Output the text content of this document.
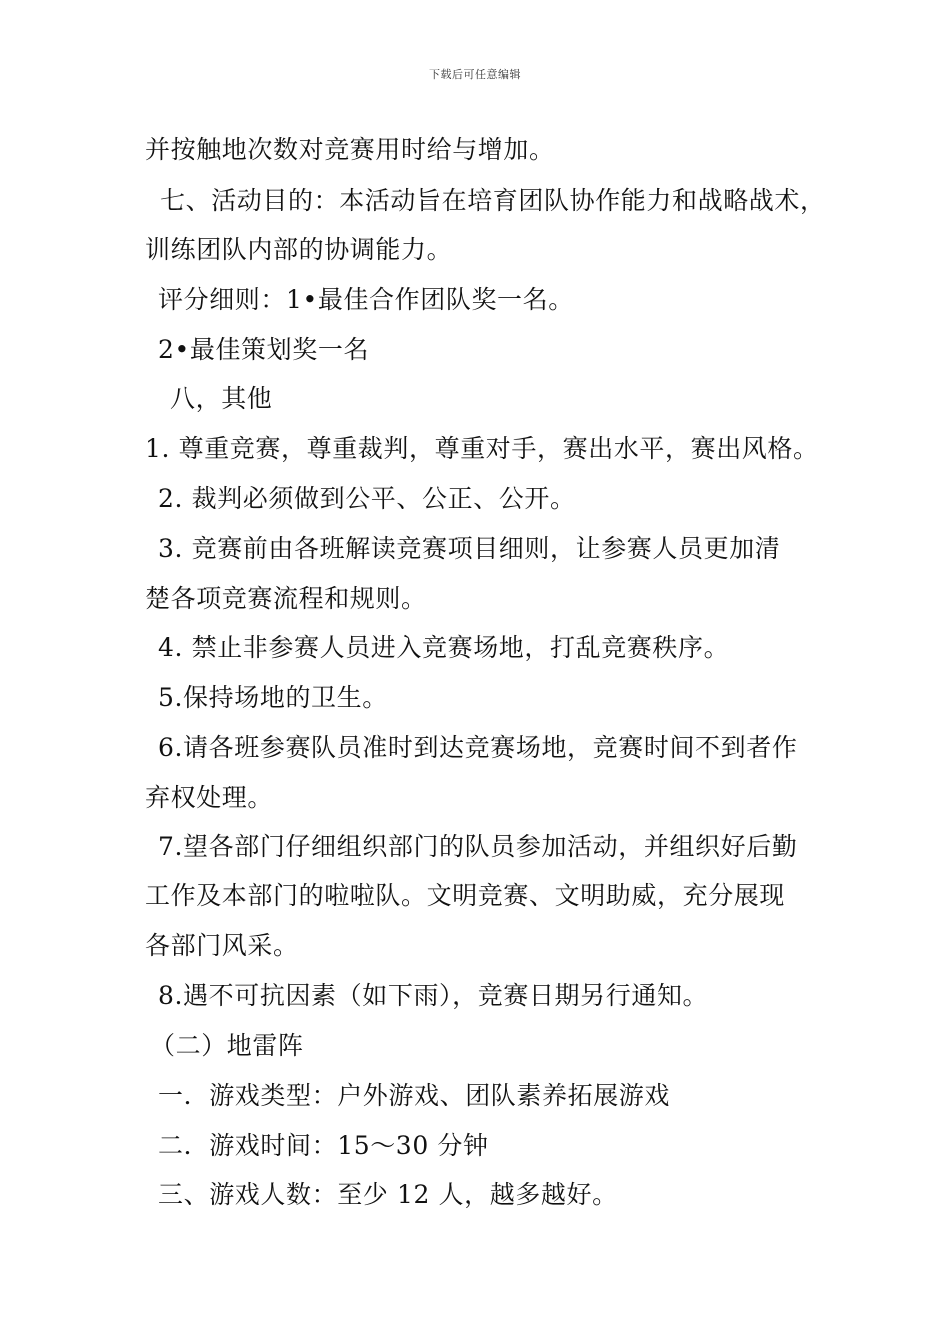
下载后可任意编辑
并按触地次数对竞赛用时给与增加。
七、活动目的：本活动旨在培育团队协作能力和战略战术，
训练团队内部的协调能力。
评分细则：1•最佳合作团队奖一名。
2•最佳策划奖一名
八，其他
1. 尊重竞赛，尊重裁判，尊重对手，赛出水平，赛出风格。
2. 裁判必须做到公平、公正、公开。
3. 竞赛前由各班解读竞赛项目细则，让参赛人员更加清
楚各项竞赛流程和规则。
4. 禁止非参赛人员进入竞赛场地，打乱竞赛秩序。
5.保持场地的卫生。
6.请各班参赛队员准时到达竞赛场地，竞赛时间不到者作
弃权处理。
7.望各部门仔细组织部门的队员参加活动，并组织好后勤
工作及本部门的啦啦队。文明竞赛、文明助威，充分展现
各部门风采。
8.遇不可抗因素（如下雨），竞赛日期另行通知。
（二）地雷阵
一．游戏类型：户外游戏、团队素养拓展游戏
二．游戏时间：15～30 分钟
三、游戏人数：至少 12 人，越多越好。
